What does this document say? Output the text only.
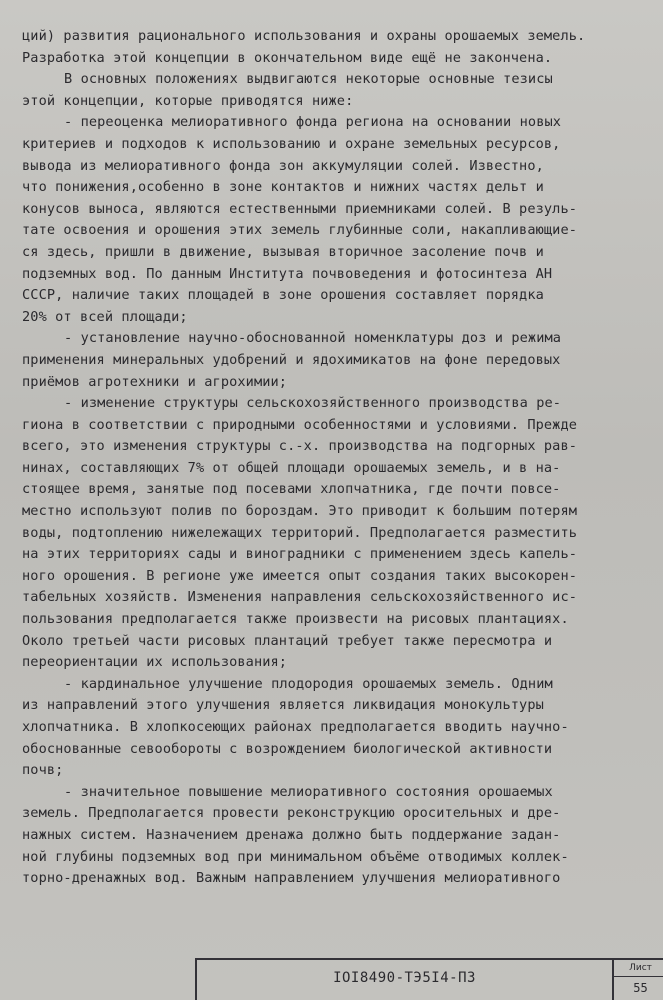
ций) развития рационального использования и охраны орошаемых земель.
Разработка этой концепции в окончательном виде ещё не закончена.
В основных положениях выдвигаются некоторые основные тезисы
этой концепции, которые приводятся ниже:
- переоценка мелиоративного фонда региона на основании новых
критериев и подходов к использованию и охране земельных ресурсов,
вывода из мелиоративного фонда зон аккумуляции солей. Известно,
что понижения,особенно в зоне контактов и нижних частях дельт и
конусов выноса, являются естественными приемниками солей. В резуль-
тате освоения и орошения этих земель глубинные соли, накапливающие-
ся здесь, пришли в движение, вызывая вторичное засоление почв и
подземных вод. По данным Института почвоведения и фотосинтеза АН
СССР, наличие таких площадей в зоне орошения составляет порядка
20% от всей площади;
- установление научно-обоснованной номенклатуры доз и режима
применения минеральных удобрений и ядохимикатов на фоне передовых
приёмов агротехники и агрохимии;
- изменение структуры сельскохозяйственного производства ре-
гиона в соответствии с природными особенностями и условиями. Прежде
всего, это изменения структуры с.-х. производства на подгорных рав-
нинах, составляющих 7% от общей площади орошаемых земель, и в на-
стоящее время, занятые под посевами хлопчатника, где почти повсе-
местно используют полив по бороздам. Это приводит к большим потерям
воды, подтоплению нижележащих территорий. Предполагается разместить
на этих территориях сады и виноградники с применением здесь капель-
ного орошения. В регионе уже имеется опыт создания таких высокорен-
табельных хозяйств. Изменения направления сельскохозяйственного ис-
пользования предполагается также произвести на рисовых плантациях.
Около третьей части рисовых плантаций требует также пересмотра и
переориентации их использования;
- кардинальное улучшение плодородия орошаемых земель. Одним
из направлений этого улучшения является ликвидация монокультуры
хлопчатника. В хлопкосеющих районах предполагается вводить научно-
обоснованные севообороты с возрождением биологической активности
почв;
- значительное повышение мелиоративного состояния орошаемых
земель. Предполагается провести реконструкцию оросительных и дре-
нажных систем. Назначением дренажа должно быть поддержание задан-
ной глубины подземных вод при минимальном объёме отводимых коллек-
торно-дренажных вод. Важным направлением улучшения мелиоративного
IOI8490-ТЭ5I4-ПЗ
Лист
55
